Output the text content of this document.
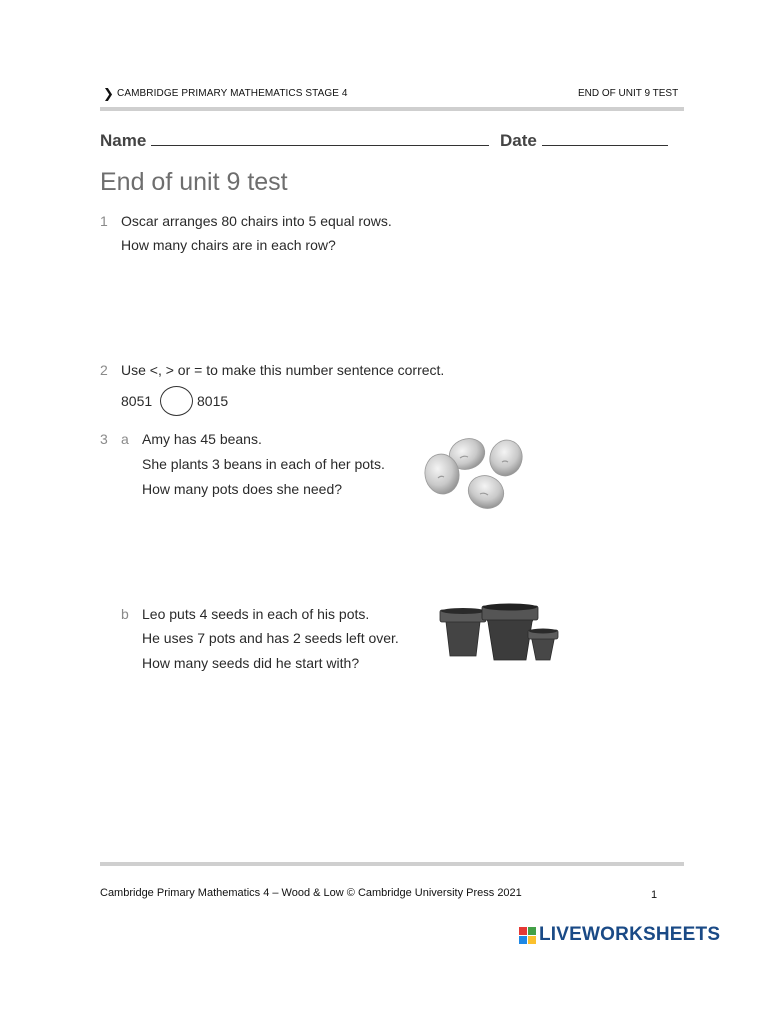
❯ CAMBRIDGE PRIMARY MATHEMATICS STAGE 4	END OF UNIT 9 TEST
Name	Date
End of unit 9 test
1 Oscar arranges 80 chairs into 5 equal rows.
How many chairs are in each row?
2 Use <, > or = to make this number sentence correct.
8051	8015
3 a Amy has 45 beans.
She plants 3 beans in each of her pots.
How many pots does she need?
b Leo puts 4 seeds in each of his pots.
He uses 7 pots and has 2 seeds left over.
How many seeds did he start with?
Cambridge Primary Mathematics 4 – Wood & Low © Cambridge University Press 2021	1
LIVEWORKSHEETS
